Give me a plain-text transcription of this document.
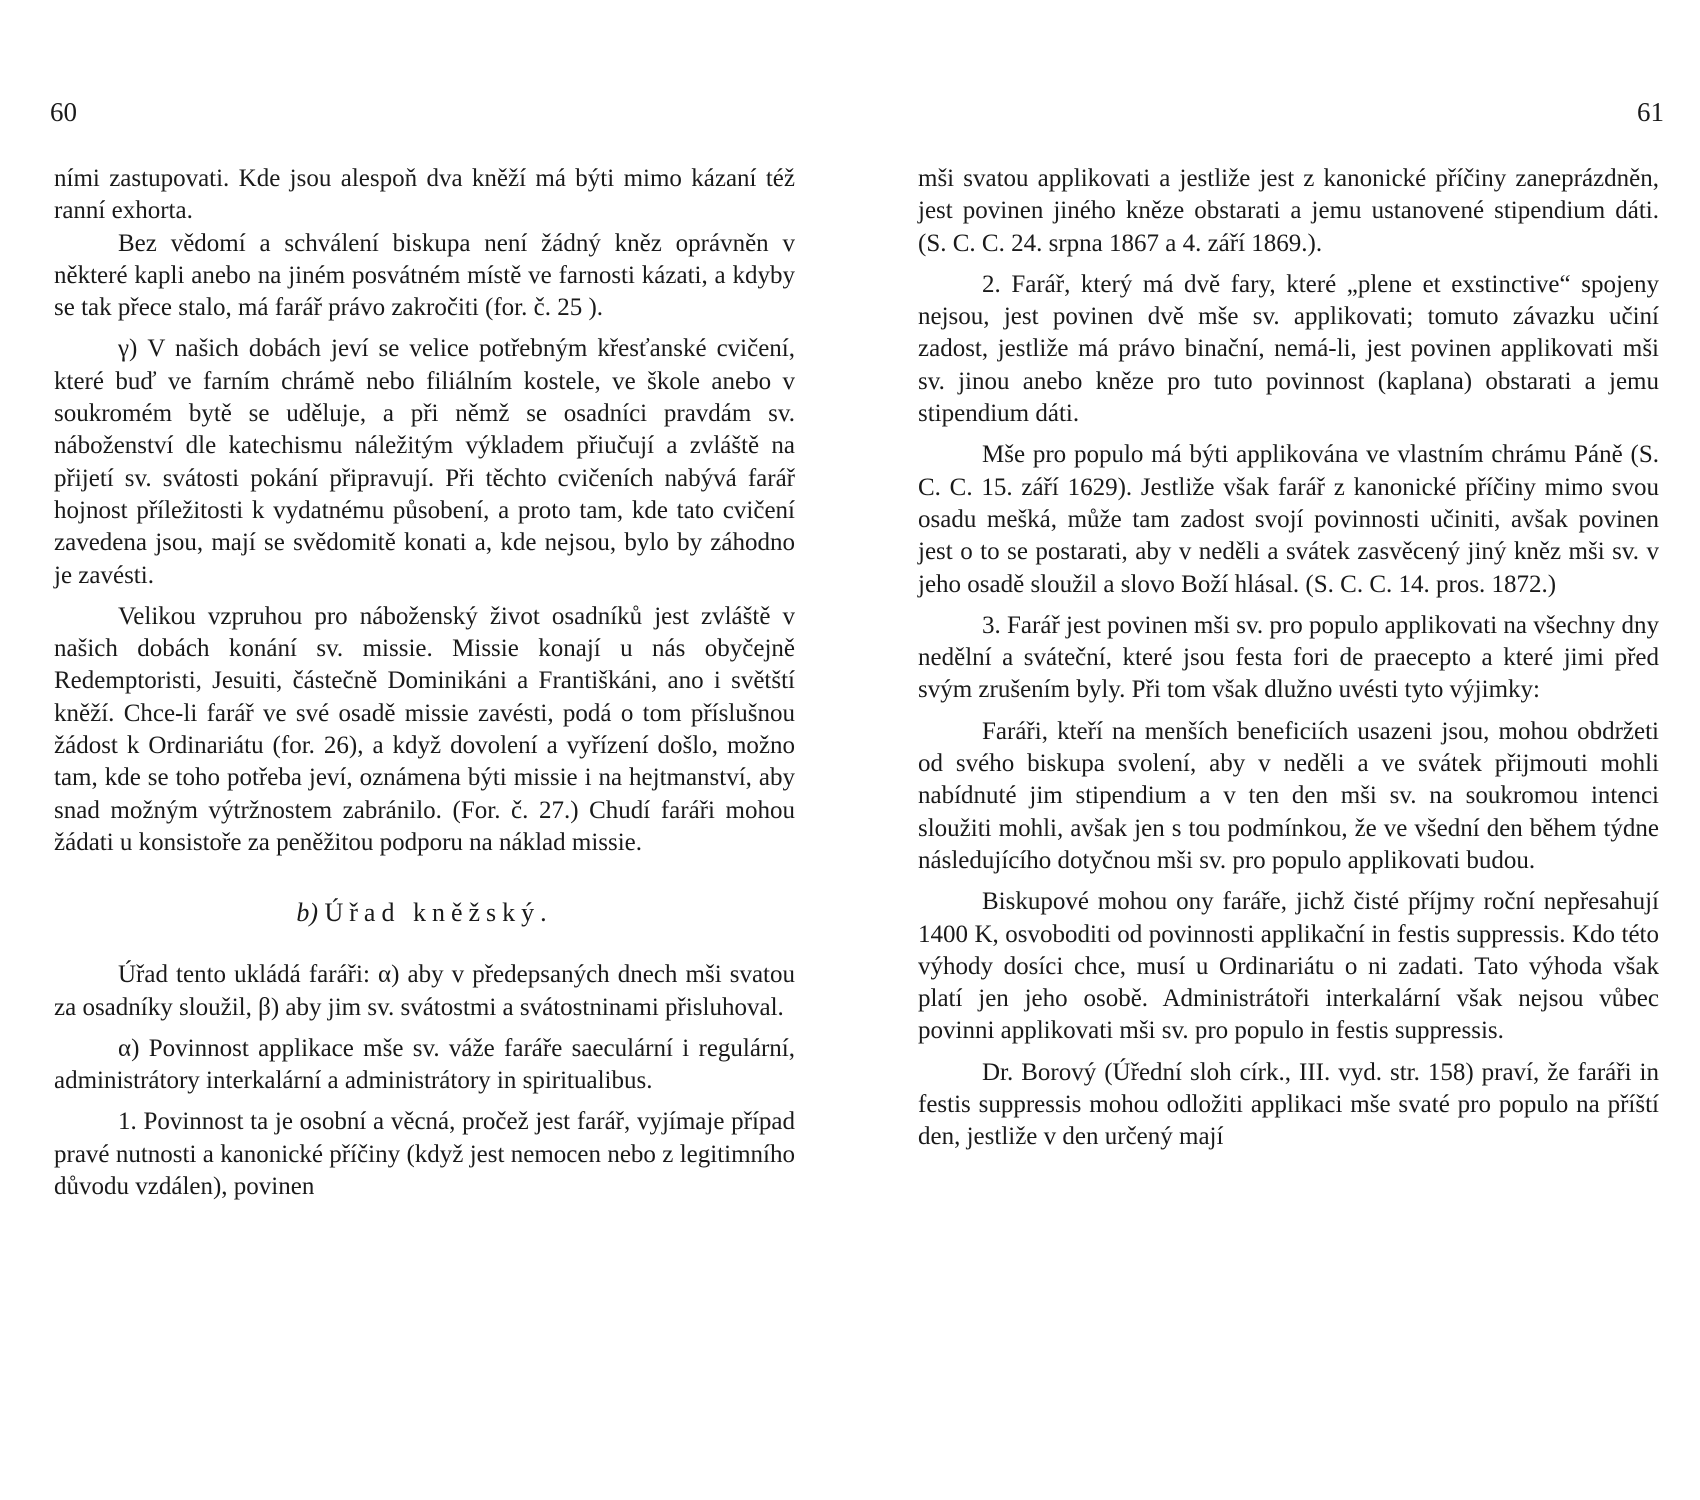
60

ními zastupovati. Kde jsou alespoň dva kněží má býti mimo kázaní též ranní exhorta.

Bez vědomí a schválení biskupa není žádný kněz oprávněn v některé kapli anebo na jiném posvátném místě ve farnosti kázati, a kdyby se tak přece stalo, má farář právo zakročiti (for. č. 25 ).

γ) V našich dobách jeví se velice potřebným křesťanské cvičení, které buď ve farním chrámě nebo filiálním kostele, ve škole anebo v soukromém bytě se uděluje, a při němž se osadníci pravdám sv. náboženství dle katechismu náležitým výkladem přiučují a zvláště na přijetí sv. svátosti pokání připravují. Při těchto cvičeních nabývá farář hojnost příležitosti k vydatnému působení, a proto tam, kde tato cvičení zavedena jsou, mají se svědomitě konati a, kde nejsou, bylo by záhodno je zavésti.

Velikou vzpruhou pro náboženský život osadníků jest zvláště v našich dobách konání sv. missie. Missie konají u nás obyčejně Redemptoristi, Jesuiti, částečně Dominikáni a Františkáni, ano i světští kněží. Chce-li farář ve své osadě missie zavésti, podá o tom příslušnou žádost k Ordinariátu (for. 26), a když dovolení a vyřízení došlo, možno tam, kde se toho potřeba jeví, oznámena býti missie i na hejtmanství, aby snad možným výtržnostem zabránilo. (For. č. 27.) Chudí faráři mohou žádati u konsistoře za peněžitou podporu na náklad missie.

b) Úřad kněžský.

Úřad tento ukládá faráři: α) aby v předepsaných dnech mši svatou za osadníky sloužil, β) aby jim sv. svátostmi a svátostninami přisluhoval.

α) Povinnost applikace mše sv. váže faráře saeculární i regulární, administrátory interkalární a administrátory in spiritualibus.

1. Povinnost ta je osobní a věcná, pročež jest farář, vyjímaje případ pravé nutnosti a kanonické příčiny (když jest nemocen nebo z legitimního důvodu vzdálen), povinen

61

mši svatou applikovati a jestliže jest z kanonické příčiny zaneprázdněn, jest povinen jiného kněze obstarati a jemu ustanovené stipendium dáti. (S. C. C. 24. srpna 1867 a 4. září 1869.).

2. Farář, který má dvě fary, které „plene et exstinctive“ spojeny nejsou, jest povinen dvě mše sv. applikovati; tomuto závazku učiní zadost, jestliže má právo binační, nemá-li, jest povinen applikovati mši sv. jinou anebo kněze pro tuto povinnost (kaplana) obstarati a jemu stipendium dáti.

Mše pro populo má býti applikována ve vlastním chrámu Páně (S. C. C. 15. září 1629). Jestliže však farář z kanonické příčiny mimo svou osadu mešká, může tam zadost svojí povinnosti učiniti, avšak povinen jest o to se postarati, aby v neděli a svátek zasvěcený jiný kněz mši sv. v jeho osadě sloužil a slovo Boží hlásal. (S. C. C. 14. pros. 1872.)

3. Farář jest povinen mši sv. pro populo applikovati na všechny dny nedělní a sváteční, které jsou festa fori de praecepto a které jimi před svým zrušením byly. Při tom však dlužno uvésti tyto výjimky:

Faráři, kteří na menších beneficiích usazeni jsou, mohou obdržeti od svého biskupa svolení, aby v neděli a ve svátek přijmouti mohli nabídnuté jim stipendium a v ten den mši sv. na soukromou intenci sloužiti mohli, avšak jen s tou podmínkou, že ve všední den během týdne následujícího dotyčnou mši sv. pro populo applikovati budou.

Biskupové mohou ony faráře, jichž čisté příjmy roční nepřesahují 1400 K, osvoboditi od povinnosti applikační in festis suppressis. Kdo této výhody dosíci chce, musí u Ordinariátu o ni zadati. Tato výhoda však platí jen jeho osobě. Administrátoři interkalární však nejsou vůbec povinni applikovati mši sv. pro populo in festis suppressis.

Dr. Borový (Úřední sloh círk., III. vyd. str. 158) praví, že faráři in festis suppressis mohou odložiti applikaci mše svaté pro populo na příští den, jestliže v den určený mají
